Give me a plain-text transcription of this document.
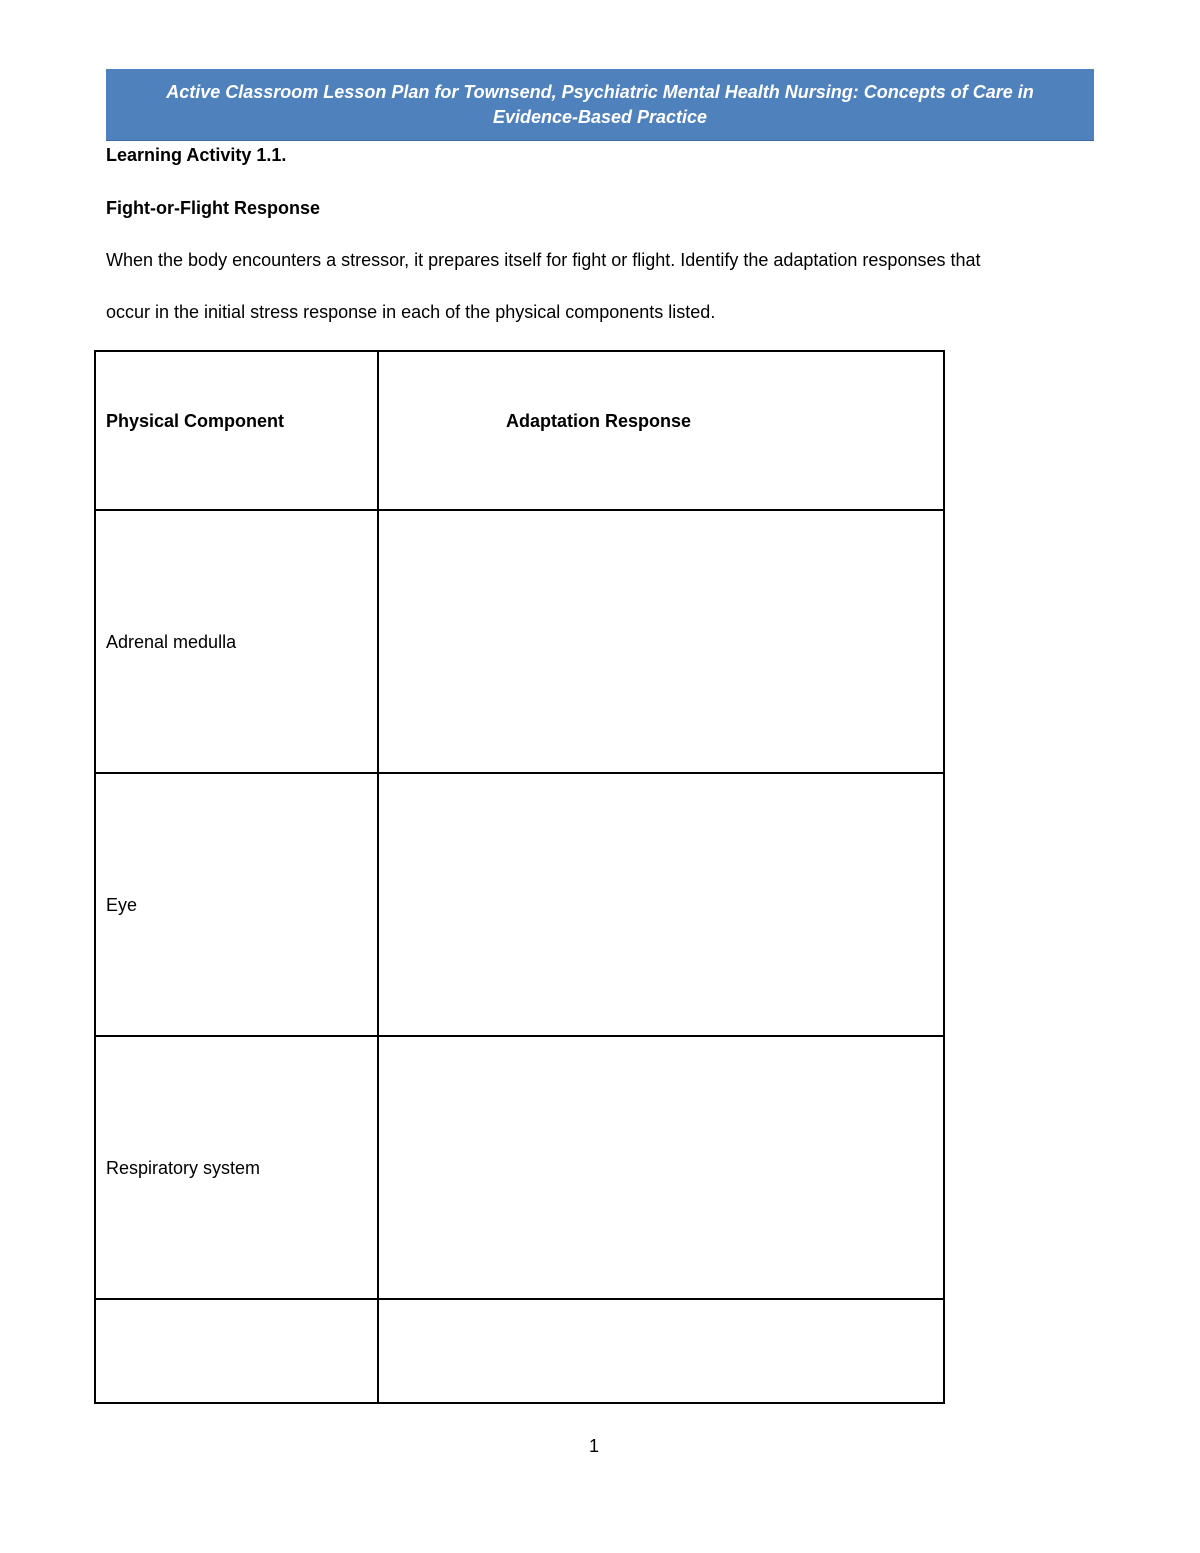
Active Classroom Lesson Plan for Townsend, Psychiatric Mental Health Nursing: Concepts of Care in
Evidence-Based Practice
Learning Activity 1.1.
Fight-or-Flight Response
When the body encounters a stressor, it prepares itself for fight or flight. Identify the adaptation responses that
occur in the initial stress response in each of the physical components listed.
Physical Component	Adaptation Response
Adrenal medulla	
Eye	
Respiratory system	

1
